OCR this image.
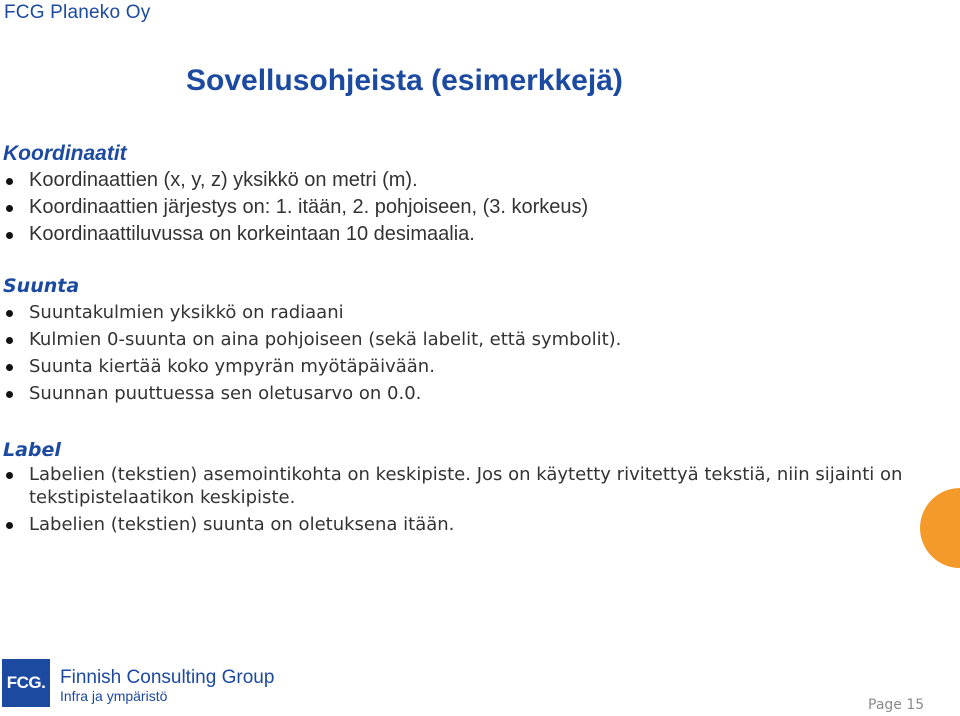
FCG Planeko Oy
Sovellusohjeista (esimerkkejä)
Koordinaatit
Koordinaattien (x, y, z) yksikkö on metri (m).
Koordinaattien järjestys on: 1. itään, 2. pohjoiseen, (3. korkeus)
Koordinaattiluvussa on korkeintaan 10 desimaalia.
Suunta
Suuntakulmien yksikkö on radiaani
Kulmien 0-suunta on aina pohjoiseen (sekä labelit, että symbolit).
Suunta kiertää koko ympyrän myötäpäivään.
Suunnan puuttuessa sen oletusarvo on 0.0.
Label
Labelien (tekstien) asemointikohta on keskipiste. Jos on käytetty rivitettyä tekstiä, niin sijainti on tekstipistelaatikon keskipiste.
Labelien (tekstien) suunta on oletuksena itään.
FCG. Finnish Consulting Group
Infra ja ympäristö
Page 15
